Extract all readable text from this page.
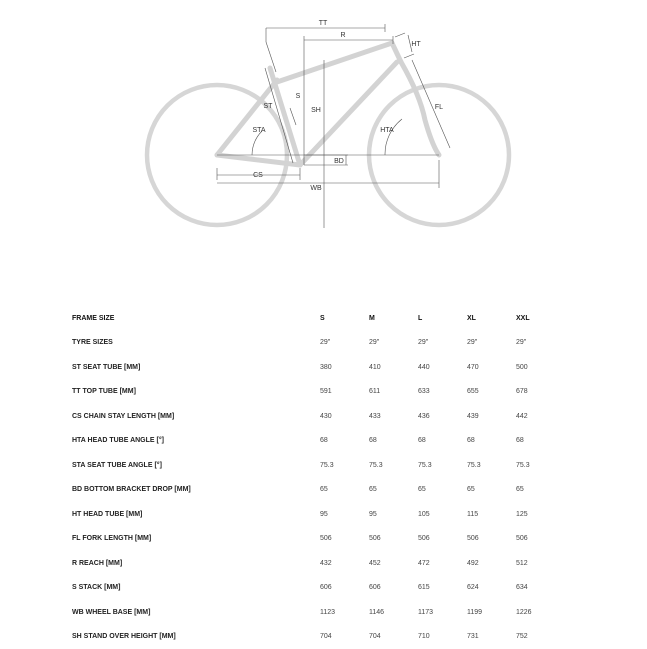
TT
R
HT
ST
S
SH
STA	HTA
FL
BD
CS
WB
FRAME SIZE	S	M	L	XL	XXL
TYRE SIZES	29"	29"	29"	29"	29"
ST SEAT TUBE [MM]	380	410	440	470	500
TT TOP TUBE [MM]	591	611	633	655	678
CS CHAIN STAY LENGTH [MM]	430	433	436	439	442
HTA HEAD TUBE ANGLE [°]	68	68	68	68	68
STA SEAT TUBE ANGLE [°]	75.3	75.3	75.3	75.3	75.3
BD BOTTOM BRACKET DROP [MM]	65	65	65	65	65
HT HEAD TUBE [MM]	95	95	105	115	125
FL FORK LENGTH [MM]	506	506	506	506	506
R REACH [MM]	432	452	472	492	512
S STACK [MM]	606	606	615	624	634
WB WHEEL BASE [MM]	1123	1146	1173	1199	1226
SH STAND OVER HEIGHT [MM]	704	704	710	731	752
